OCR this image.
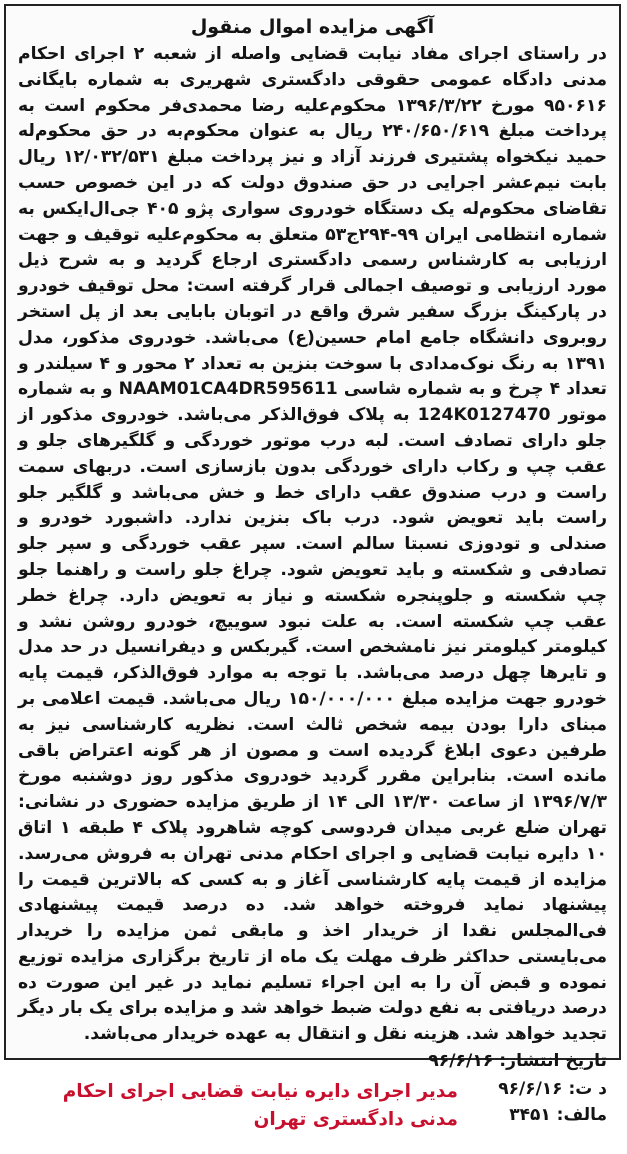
آگهی مزایده اموال منقول

در راستای اجرای مفاد نیابت قضایی واصله از شعبه ۲ اجرای احکام مدنی دادگاه عمومی حقوقی دادگستری شهریری به شماره بایگانی ۹۵۰۶۱۶ مورخ ۱۳۹۶/۳/۲۲ محکوم‌علیه رضا محمدی‌فر محکوم است به پرداخت مبلغ ۲۴۰/۶۵۰/۶۱۹ ریال به عنوان محکوم‌به در حق محکوم‌له حمید نیکخواه پشتیری فرزند آزاد و نیز پرداخت مبلغ ۱۲/۰۳۲/۵۳۱ ریال بابت نیم‌عشر اجرایی در حق صندوق دولت که در این خصوص حسب تقاضای محکوم‌له یک دستگاه خودروی سواری پژو ۴۰۵ جی‌ال‌ایکس به شماره انتظامی ایران ۹۹-۲۹۴ج۵۳ متعلق به محکوم‌علیه توقیف و جهت ارزیابی به کارشناس رسمی دادگستری ارجاع گردید و به شرح ذیل مورد ارزیابی و توصیف اجمالی قرار گرفته است: محل توقیف خودرو در پارکینگ بزرگ سفیر شرق واقع در اتوبان بابایی بعد از پل استخر روبروی دانشگاه جامع امام حسین(ع) می‌باشد. خودروی مذکور، مدل ۱۳۹۱ به رنگ نوک‌مدادی با سوخت بنزین به تعداد ۲ محور و ۴ سیلندر و تعداد ۴ چرخ و به شماره شاسی NAAM01CA4DR595611 و به شماره موتور 124K0127470 به پلاک فوق‌الذکر می‌باشد. خودروی مذکور از جلو دارای تصادف است. لبه درب موتور خوردگی و گلگیرهای جلو و عقب چپ و رکاب دارای خوردگی بدون بازسازی است. دربهای سمت راست و درب صندوق عقب دارای خط و خش می‌باشد و گلگیر جلو راست باید تعویض شود. درب باک بنزین ندارد. داشبورد خودرو و صندلی و تودوزی نسبتا سالم است. سپر عقب خوردگی و سپر جلو تصادفی و شکسته و باید تعویض شود. چراغ جلو راست و راهنما جلو چپ شکسته و جلوپنجره شکسته و نیاز به تعویض دارد. چراغ خطر عقب چپ شکسته است. به علت نبود سوییچ، خودرو روشن نشد و کیلومتر کیلومتر نیز نامشخص است. گیربکس و دیفرانسیل در حد مدل و تایرها چهل درصد می‌باشد. با توجه به موارد فوق‌الذکر، قیمت پایه خودرو جهت مزایده مبلغ ۱۵۰/۰۰۰/۰۰۰ ریال می‌باشد. قیمت اعلامی بر مبنای دارا بودن بیمه شخص ثالث است. نظریه کارشناسی نیز به طرفین دعوی ابلاغ گردیده است و مصون از هر گونه اعتراض باقی مانده است. بنابراین مقرر گردید خودروی مذکور روز دوشنبه مورخ ۱۳۹۶/۷/۳ از ساعت ۱۳/۳۰ الی ۱۴ از طریق مزایده حضوری در نشانی: تهران ضلع غربی میدان فردوسی کوچه شاهرود پلاک ۴ طبقه ۱ اتاق ۱۰ دایره نیابت قضایی و اجرای احکام مدنی تهران به فروش می‌رسد. مزایده از قیمت پایه کارشناسی آغاز و به کسی که بالاترین قیمت را پیشنهاد نماید فروخته خواهد شد. ده درصد قیمت پیشنهادی فی‌المجلس نقدا از خریدار اخذ و مابقی ثمن مزایده را خریدار می‌بایستی حداکثر ظرف مهلت یک ماه از تاریخ برگزاری مزایده توزیع نموده و قبض آن را به این اجراء تسلیم نماید در غیر این صورت ده درصد دریافتی به نفع دولت ضبط خواهد شد و مزایده برای یک بار دیگر تجدید خواهد شد. هزینه نقل و انتقال به عهده خریدار می‌باشد.

تاریخ انتشار: ۹۶/۶/۱۶

د ت: ۹۶/۶/۱۶
مالف: ۳۴۵۱
مدیر اجرای دایره نیابت قضایی اجرای احکام مدنی دادگستری تهران
